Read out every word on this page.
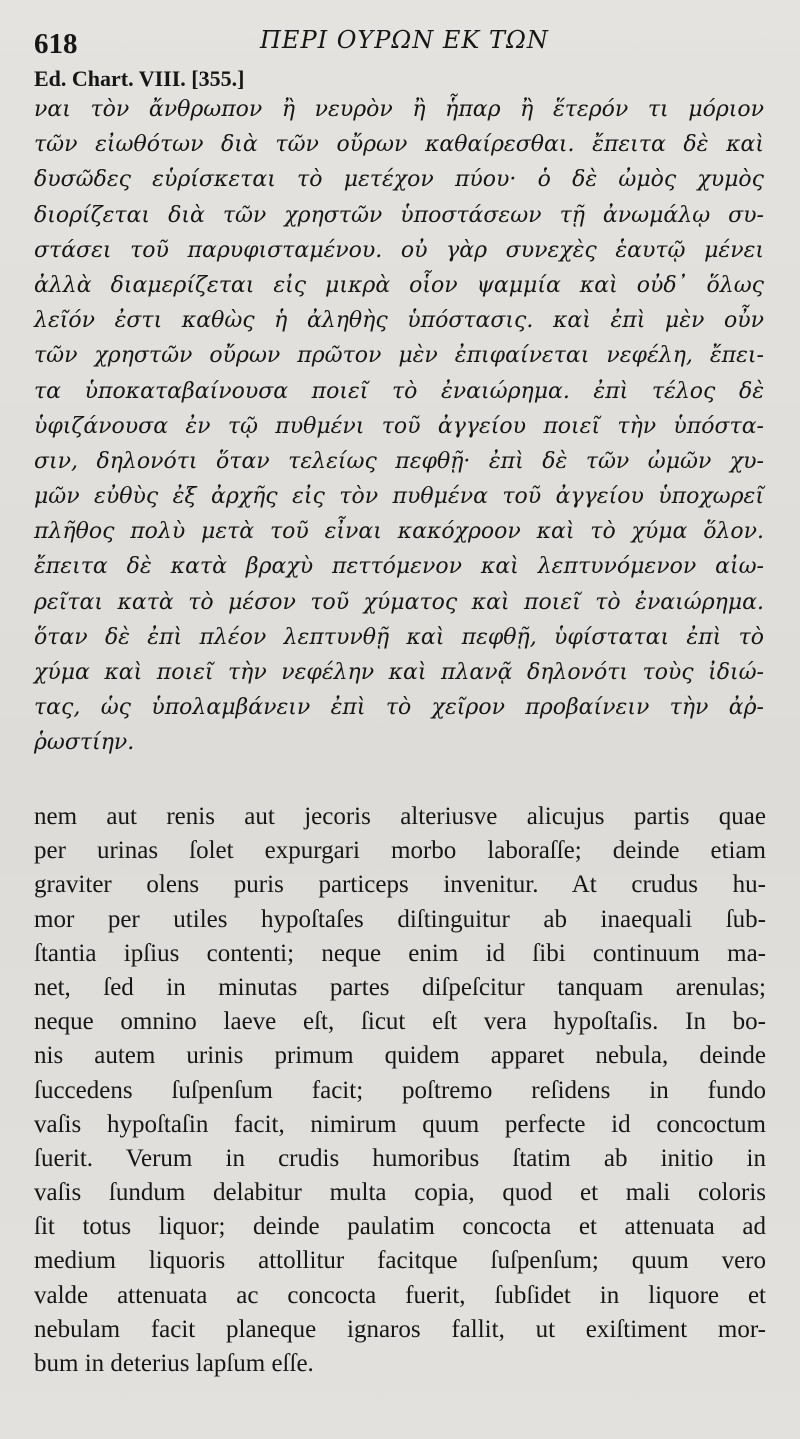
618	ΠΕΡΙ ΟΥΡΩΝ ΕΚ ΤΩΝ
Ed. Chart. VIII. [355.]
ναι τὸν ἄνθρωπον ἢ νευρὸν ἢ ἧπαρ ἢ ἕτερόν τι μόριον
τῶν εἰωθότων διὰ τῶν οὔρων καθαίρεσθαι. ἔπειτα δὲ καὶ
δυσῶδες εὑρίσκεται τὸ μετέχον πύου· ὁ δὲ ὠμὸς χυμὸς
διορίζεται διὰ τῶν χρηστῶν ὑποστάσεων τῇ ἀνωμάλῳ συ-
στάσει τοῦ παρυφισταμένου. οὐ γὰρ συνεχὲς ἑαυτῷ μένει
ἀλλὰ διαμερίζεται εἰς μικρὰ οἷον ψαμμία καὶ οὐδ᾽ ὅλως
λεῖόν ἐστι καθὼς ἡ ἀληθὴς ὑπόστασις. καὶ ἐπὶ μὲν οὖν
τῶν χρηστῶν οὔρων πρῶτον μὲν ἐπιφαίνεται νεφέλη, ἔπει-
τα ὑποκαταβαίνουσα ποιεῖ τὸ ἐναιώρημα. ἐπὶ τέλος δὲ
ὑφιζάνουσα ἐν τῷ πυθμένι τοῦ ἀγγείου ποιεῖ τὴν ὑπόστα-
σιν, δηλονότι ὅταν τελείως πεφθῇ· ἐπὶ δὲ τῶν ὠμῶν χυ-
μῶν εὐθὺς ἐξ ἀρχῆς εἰς τὸν πυθμένα τοῦ ἀγγείου ὑποχωρεῖ
πλῆθος πολὺ μετὰ τοῦ εἶναι κακόχροον καὶ τὸ χύμα ὅλον.
ἔπειτα δὲ κατὰ βραχὺ πεττόμενον καὶ λεπτυνόμενον αἰω-
ρεῖται κατὰ τὸ μέσον τοῦ χύματος καὶ ποιεῖ τὸ ἐναιώρημα.
ὅταν δὲ ἐπὶ πλέον λεπτυνθῇ καὶ πεφθῇ, ὑφίσταται ἐπὶ τὸ
χύμα καὶ ποιεῖ τὴν νεφέλην καὶ πλανᾷ δηλονότι τοὺς ἰδιώ-
τας, ὡς ὑπολαμβάνειν ἐπὶ τὸ χεῖρον προβαίνειν τὴν ἀῤ-
ῥωστίην.
nem aut renis aut jecoris alteriusve alicujus partis quae
per urinas ſolet expurgari morbo laboraſſe; deinde etiam
graviter olens puris particeps invenitur. At crudus hu-
mor per utiles hypoſtaſes diſtinguitur ab inaequali ſub-
ſtantia ipſius contenti; neque enim id ſibi continuum ma-
net, ſed in minutas partes diſpeſcitur tanquam arenulas;
neque omnino laeve eſt, ſicut eſt vera hypoſtaſis. In bo-
nis autem urinis primum quidem apparet nebula, deinde
ſuccedens ſuſpenſum facit; poſtremo reſidens in fundo
vaſis hypoſtaſin facit, nimirum quum perfecte id concoctum
ſuerit. Verum in crudis humoribus ſtatim ab initio in
vaſis ſundum delabitur multa copia, quod et mali coloris
ſit totus liquor; deinde paulatim concocta et attenuata ad
medium liquoris attollitur facitque ſuſpenſum; quum vero
valde attenuata ac concocta fuerit, ſubſidet in liquore et
nebulam facit planeque ignaros fallit, ut exiſtiment mor-
bum in deterius lapſum eſſe.
